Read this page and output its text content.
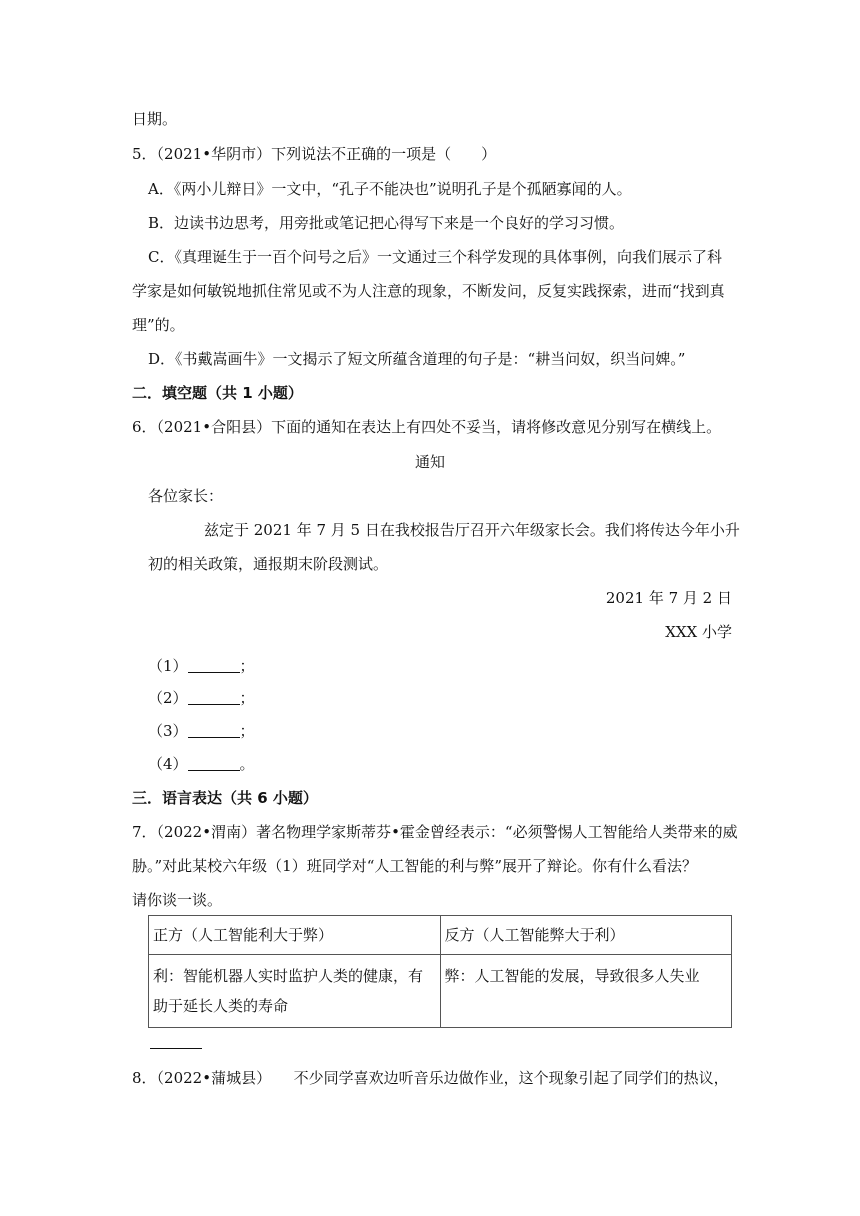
日期。
5．（2021•华阴市）下列说法不正确的一项是（　　）
A．《两小儿辩日》一文中，“孔子不能决也”说明孔子是个孤陋寡闻的人。
B．边读书边思考，用旁批或笔记把心得写下来是一个良好的学习习惯。
C．《真理诞生于一百个问号之后》一文通过三个科学发现的具体事例，向我们展示了科
学家是如何敏锐地抓住常见或不为人注意的现象，不断发问，反复实践探索，进而“找到真
理”的。
D．《书戴嵩画牛》一文揭示了短文所蕴含道理的句子是：“耕当问奴，织当问婢。”
二．填空题（共 1 小题）
6．（2021•合阳县）下面的通知在表达上有四处不妥当，请将修改意见分别写在横线上。
通知
各位家长：
兹定于 2021 年 7 月 5 日在我校报告厅召开六年级家长会。我们将传达今年小升
初的相关政策，通报期末阶段测试。
2021 年 7 月 2 日
XXX 小学
（1）	；
（2）	；
（3）	；
（4）	。
三．语言表达（共 6 小题）
7．（2022•渭南）著名物理学家斯蒂芬•霍金曾经表示：“必须警惕人工智能给人类带来的威
胁。”对此某校六年级（1）班同学对“人工智能的利与弊”展开了辩论。你有什么看法？
请你谈一谈。
正方（人工智能利大于弊）	反方（人工智能弊大于利）
利：智能机器人实时监护人类的健康，有助于延长人类的寿命	弊：人工智能的发展，导致很多人失业
8．（2022•蒲城县）　　不少同学喜欢边听音乐边做作业，这个现象引起了同学们的热议，
